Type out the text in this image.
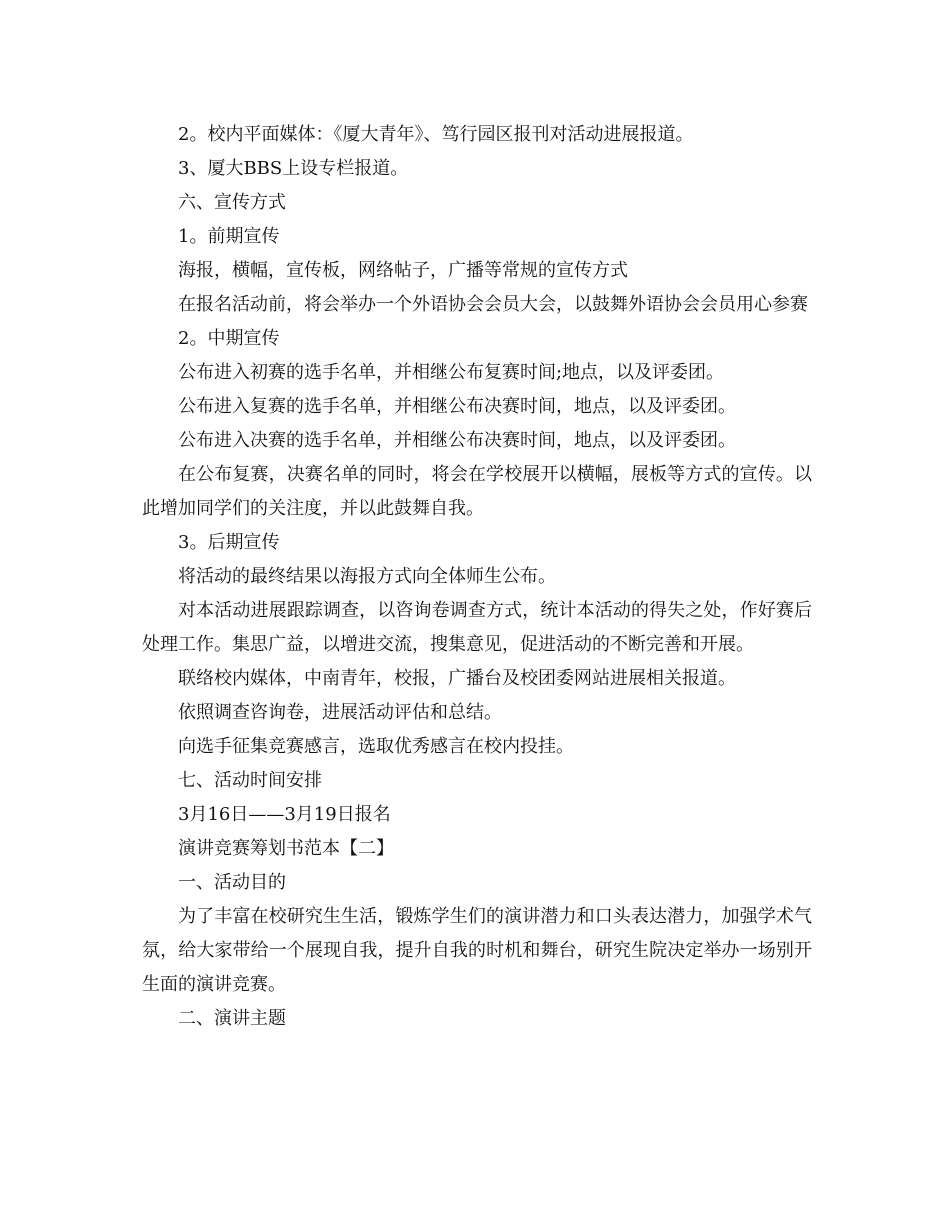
2。校内平面媒体：《厦大青年》、笃行园区报刊对活动进展报道。

3、厦大BBS上设专栏报道。

六、宣传方式

1。前期宣传

海报，横幅，宣传板，网络帖子，广播等常规的宣传方式

在报名活动前，将会举办一个外语协会会员大会，以鼓舞外语协会会员用心参赛

2。中期宣传

公布进入初赛的选手名单，并相继公布复赛时间;地点，以及评委团。

公布进入复赛的选手名单，并相继公布决赛时间，地点，以及评委团。

公布进入决赛的选手名单，并相继公布决赛时间，地点，以及评委团。

在公布复赛，决赛名单的同时，将会在学校展开以横幅，展板等方式的宣传。以此增加同学们的关注度，并以此鼓舞自我。

3。后期宣传

将活动的最终结果以海报方式向全体师生公布。

对本活动进展跟踪调查，以咨询卷调查方式，统计本活动的得失之处，作好赛后处理工作。集思广益，以增进交流，搜集意见，促进活动的不断完善和开展。

联络校内媒体，中南青年，校报，广播台及校团委网站进展相关报道。

依照调查咨询卷，进展活动评估和总结。

向选手征集竞赛感言，选取优秀感言在校内投挂。

七、活动时间安排

3月16日——3月19日报名

演讲竞赛筹划书范本【二】

一、活动目的

为了丰富在校研究生生活，锻炼学生们的演讲潜力和口头表达潜力，加强学术气氛，给大家带给一个展现自我，提升自我的时机和舞台，研究生院决定举办一场别开生面的演讲竞赛。

二、演讲主题
